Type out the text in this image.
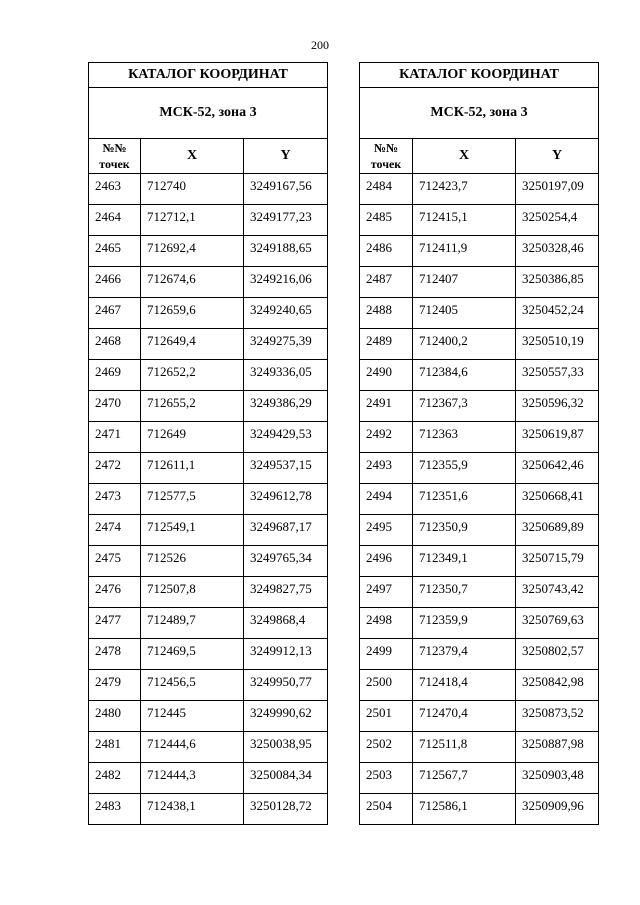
200
КАТАЛОГ КООРДИНАТ		
МСК-52, зона 3		
№№
точек	X	Y
2463	712740	3249167,56
2464	712712,1	3249177,23
2465	712692,4	3249188,65
2466	712674,6	3249216,06
2467	712659,6	3249240,65
2468	712649,4	3249275,39
2469	712652,2	3249336,05
2470	712655,2	3249386,29
2471	712649	3249429,53
2472	712611,1	3249537,15
2473	712577,5	3249612,78
2474	712549,1	3249687,17
2475	712526	3249765,34
2476	712507,8	3249827,75
2477	712489,7	3249868,4
2478	712469,5	3249912,13
2479	712456,5	3249950,77
2480	712445	3249990,62
2481	712444,6	3250038,95
2482	712444,3	3250084,34
2483	712438,1	3250128,72
КАТАЛОГ КООРДИНАТ		
МСК-52, зона 3		
№№
точек	X	Y
2484	712423,7	3250197,09
2485	712415,1	3250254,4
2486	712411,9	3250328,46
2487	712407	3250386,85
2488	712405	3250452,24
2489	712400,2	3250510,19
2490	712384,6	3250557,33
2491	712367,3	3250596,32
2492	712363	3250619,87
2493	712355,9	3250642,46
2494	712351,6	3250668,41
2495	712350,9	3250689,89
2496	712349,1	3250715,79
2497	712350,7	3250743,42
2498	712359,9	3250769,63
2499	712379,4	3250802,57
2500	712418,4	3250842,98
2501	712470,4	3250873,52
2502	712511,8	3250887,98
2503	712567,7	3250903,48
2504	712586,1	3250909,96
